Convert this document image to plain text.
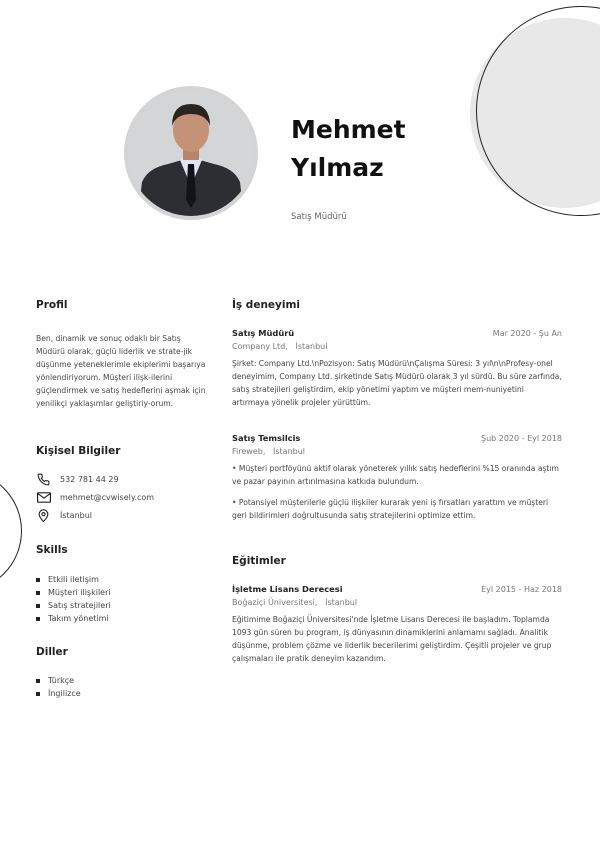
Mehmet
Yılmaz
Satış Müdürü
Profil
Ben, dinamik ve sonuç odaklı bir Satış Müdürü olarak, güçlü liderlik ve strate-jik düşünme yeteneklerimle ekiplerimi başarıya yönlendiriyorum. Müşteri ilişk-ilerini güçlendirmek ve satış hedeflerini aşmak için yenilikçi yaklaşımlar geliştiriy-orum.
Kişisel Bilgiler
532 781 44 29
mehmet@cvwisely.com
İstanbul
Skills
Etkili iletişim
Müşteri ilişkileri
Satış stratejileri
Takım yönetimi
Diller
Türkçe
İngilizce
İş deneyimi
Satış Müdürü	Mar 2020 - Şu An
Company Ltd, İstanbul

Şirket: Company Ltd.\nPozisyon: Satış Müdürü\nÇalışma Süresi: 3 yıl\n\nProfesy-onel deneyimim, Company Ltd. şirketinde Satış Müdürü olarak 3 yıl sürdü. Bu süre zarfında, satış stratejileri geliştirdim, ekip yönetimi yaptım ve müşteri mem-nuniyetini artırmaya yönelik projeler yürüttüm.

Satış Temsilcis	Şub 2020 - Eyl 2018
Fireweb, İstanbul

• Müşteri portföyünü aktif olarak yöneterek yıllık satış hedeflerini %15 oranında aştım ve pazar payının artırılmasına katkıda bulundum.

• Potansiyel müşterilerle güçlü ilişkiler kurarak yeni iş fırsatları yarattım ve müşteri geri bildirimleri doğrultusunda satış stratejilerini optimize ettim.

Eğitimler
İşletme Lisans Derecesi	Eyl 2015 - Haz 2018
Boğaziçi Üniversitesi, İstanbul
Eğitimime Boğaziçi Üniversitesi'nde İşletme Lisans Derecesi ile başladım. Toplamda 1093 gün süren bu program, iş dünyasının dinamiklerini anlamamı sağladı. Analitik düşünme, problem çözme ve liderlik becerilerimi geliştirdim. Çeşitli projeler ve grup çalışmaları ile pratik deneyim kazandım.
